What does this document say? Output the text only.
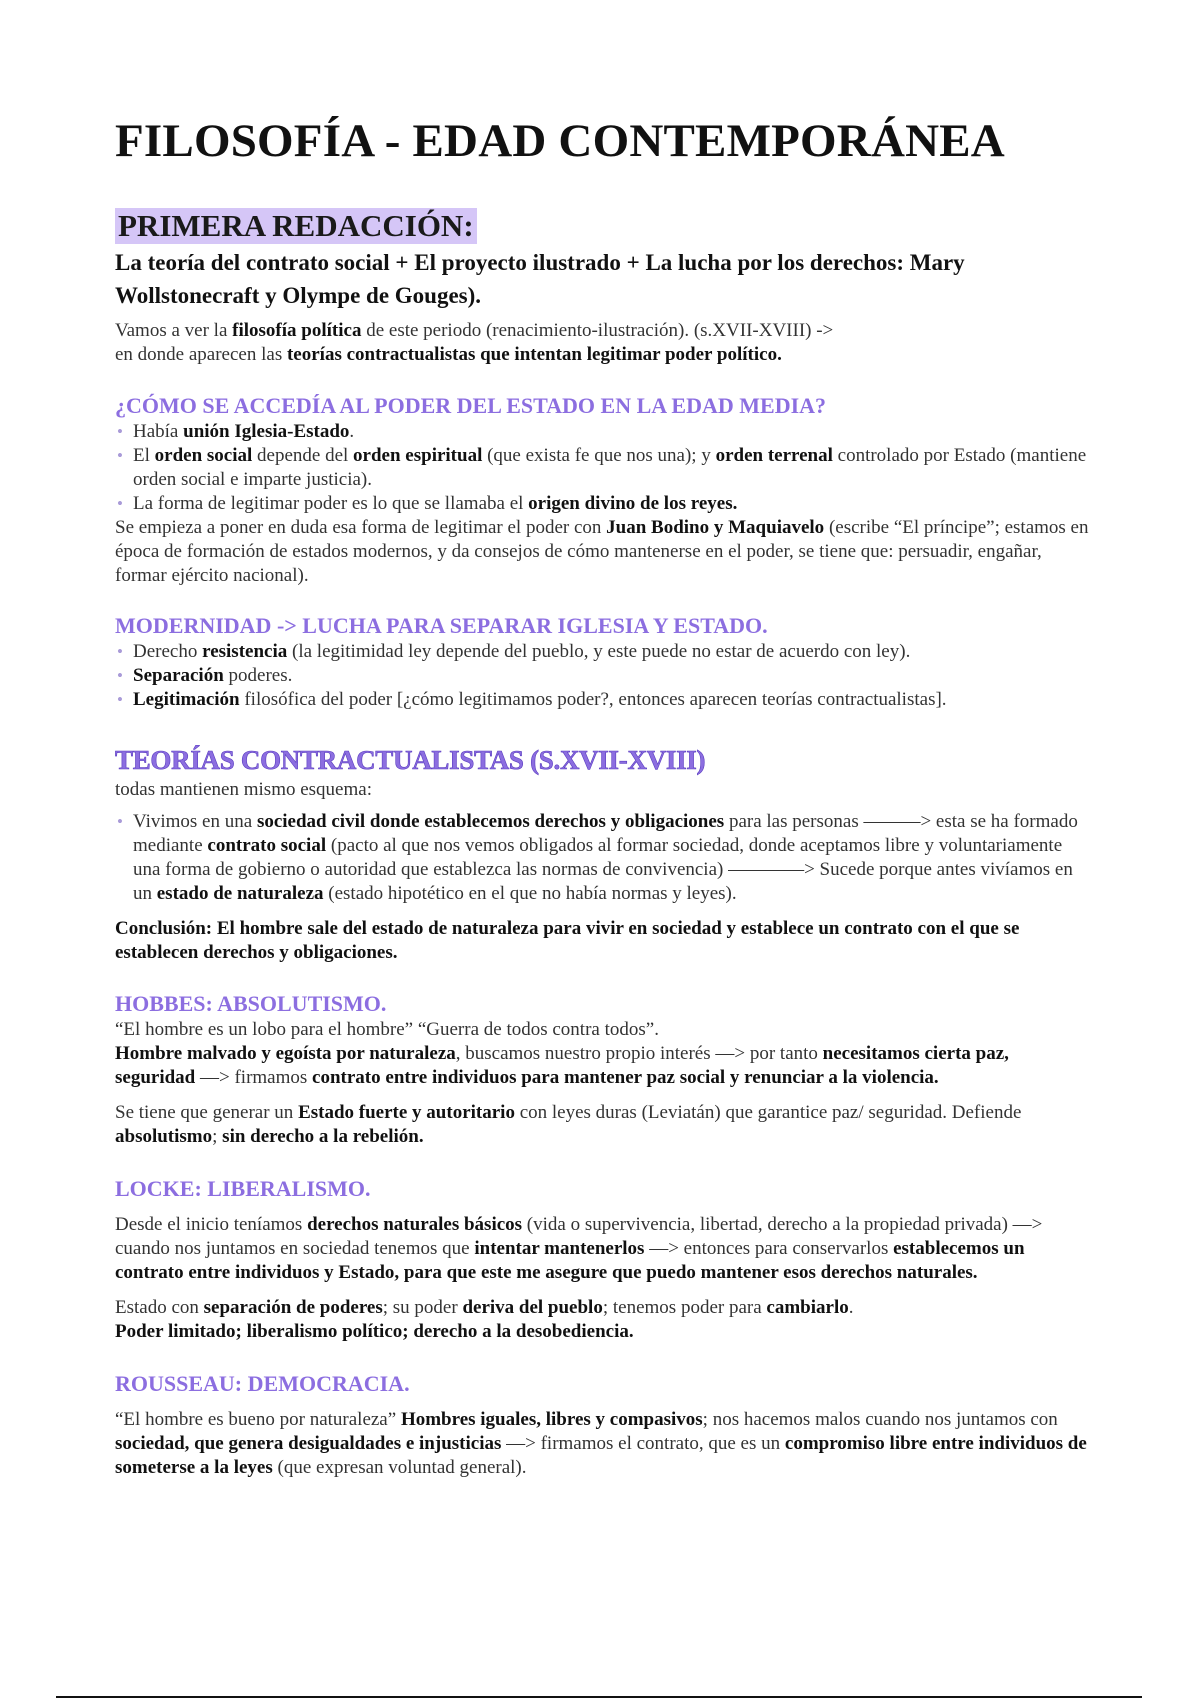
FILOSOFÍA - EDAD CONTEMPORÁNEA
PRIMERA REDACCIÓN:

La teoría del contrato social + El proyecto ilustrado + La lucha por los derechos: Mary Wollstonecraft y Olympe de Gouges).

Vamos a ver la filosofía política de este periodo (renacimiento-ilustración). (s.XVII-XVIII) ->
en donde aparecen las teorías contractualistas que intentan legitimar poder político.

¿CÓMO SE ACCEDÍA AL PODER DEL ESTADO EN LA EDAD MEDIA?
• Había unión Iglesia-Estado.
• El orden social depende del orden espiritual (que exista fe que nos una); y orden terrenal controlado por Estado (mantiene orden social e imparte justicia).
• La forma de legitimar poder es lo que se llamaba el origen divino de los reyes.

Se empieza a poner en duda esa forma de legitimar el poder con Juan Bodino y Maquiavelo (escribe “El príncipe”; estamos en época de formación de estados modernos, y da consejos de cómo mantenerse en el poder, se tiene que: persuadir, engañar, formar ejército nacional).

MODERNIDAD -> LUCHA PARA SEPARAR IGLESIA Y ESTADO.
• Derecho resistencia (la legitimidad ley depende del pueblo, y este puede no estar de acuerdo con ley).
• Separación poderes.
• Legitimación filosófica del poder [¿cómo legitimamos poder?, entonces aparecen teorías contractualistas].
TEORÍAS CONTRACTUALISTAS (S.XVII-XVIII)

todas mantienen mismo esquema:

• Vivimos en una sociedad civil donde establecemos derechos y obligaciones para las personas ———> esta se ha formado mediante contrato social (pacto al que nos vemos obligados al formar sociedad, donde aceptamos libre y voluntariamente una forma de gobierno o autoridad que establezca las normas de convivencia) ————> Sucede porque antes vivíamos en un estado de naturaleza (estado hipotético en el que no había normas y leyes).

Conclusión: El hombre sale del estado de naturaleza para vivir en sociedad y establece un contrato con el que se establecen derechos y obligaciones.

HOBBES: ABSOLUTISMO.

“El hombre es un lobo para el hombre” “Guerra de todos contra todos”.

Hombre malvado y egoísta por naturaleza, buscamos nuestro propio interés —> por tanto necesitamos cierta paz, seguridad —> firmamos contrato entre individuos para mantener paz social y renunciar a la violencia.

Se tiene que generar un Estado fuerte y autoritario con leyes duras (Leviatán) que garantice paz/ seguridad. Defiende absolutismo; sin derecho a la rebelión.

LOCKE: LIBERALISMO.

Desde el inicio teníamos derechos naturales básicos (vida o supervivencia, libertad, derecho a la propiedad privada) —> cuando nos juntamos en sociedad tenemos que intentar mantenerlos —> entonces para conservarlos establecemos un contrato entre individuos y Estado, para que este me asegure que puedo mantener esos derechos naturales.

Estado con separación de poderes; su poder deriva del pueblo; tenemos poder para cambiarlo.
Poder limitado; liberalismo político; derecho a la desobediencia.

ROUSSEAU: DEMOCRACIA.

“El hombre es bueno por naturaleza” Hombres iguales, libres y compasivos; nos hacemos malos cuando nos juntamos con sociedad, que genera desigualdades e injusticias —> firmamos el contrato, que es un compromiso libre entre individuos de someterse a la leyes (que expresan voluntad general).
